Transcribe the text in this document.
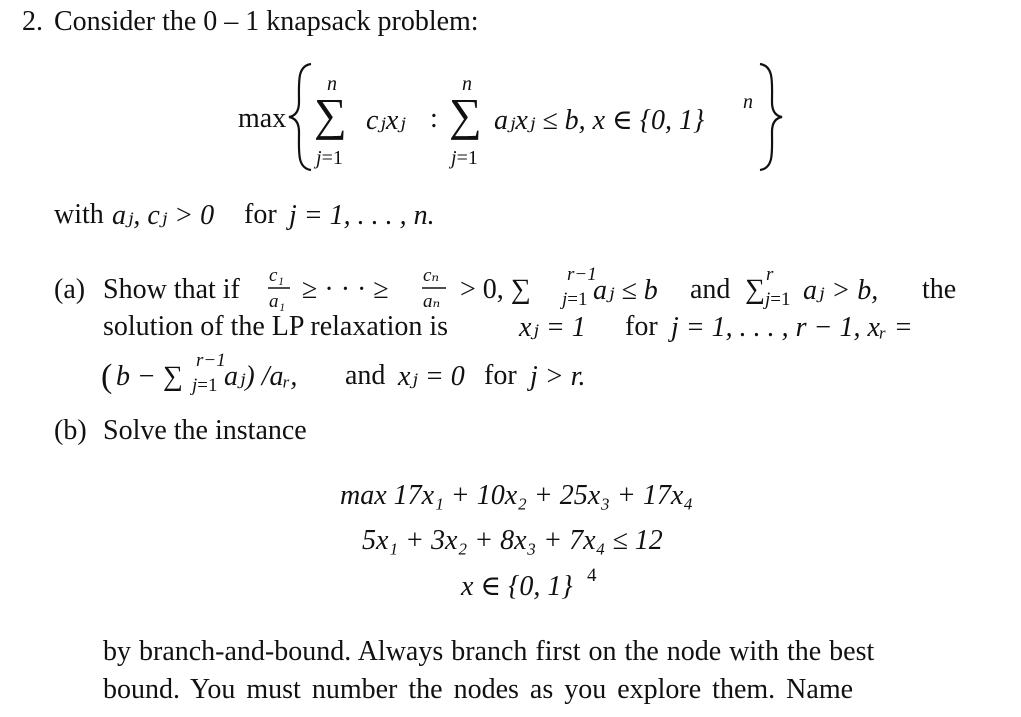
2. Consider the 0 – 1 knapsack problem:
max
n
∑
j=1
cⱼxⱼ :
n
∑
j=1
aⱼxⱼ ≤ b, x ∈ {0, 1}
n
with aⱼ, cⱼ > 0 for j = 1, . . . , n.
(a) Show that if c₁
a₁ ≥ · · · ≥ cₙ
aₙ > 0, ∑ r−1
j=1 aⱼ ≤ b and ∑ r
j=1 aⱼ > b, the
solution of the LP relaxation is	xⱼ = 1 for j = 1, . . . , r − 1, xᵣ =
( b − ∑
r−1
j=1 aⱼ) /aᵣ, and xⱼ = 0 for j > r.
(b) Solve the instance
max 17x₁ + 10x₂ + 25x₃ + 17x₄
5x₁ + 3x₂ + 8x₃ + 7x₄ ≤ 12
x ∈ {0, 1} 4
by branch-and-bound. Always branch first on the node with the best
bound. You must number the nodes as you explore them. Name
